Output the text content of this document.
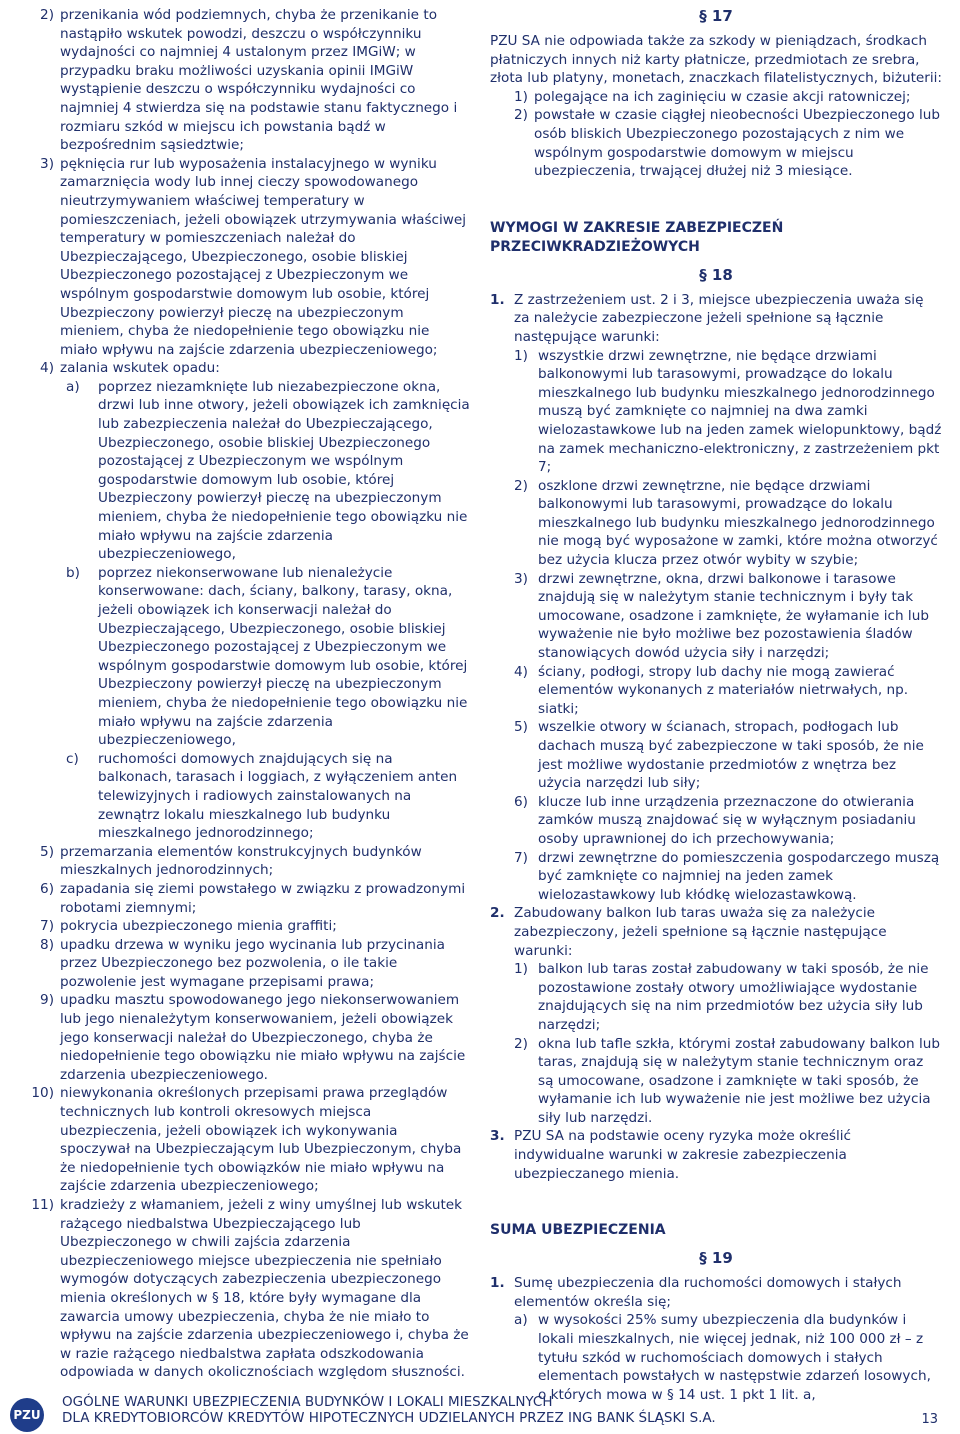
2) przenikania wód podziemnych, chyba że przenikanie to nastąpiło wskutek powodzi, deszczu o współczynniku wydajności co najmniej 4 ustalonym przez IMGiW; w przypadku braku możliwości uzyskania opinii IMGiW wystąpienie deszczu o współczynniku wydajności co najmniej 4 stwierdza się na podstawie stanu faktycznego i rozmiaru szkód w miejscu ich powstania bądź w bezpośrednim sąsiedztwie;
3) pęknięcia rur lub wyposażenia instalacyjnego w wyniku zamarznięcia wody lub innej cieczy spowodowanego nieutrzymywaniem właściwej temperatury w pomieszczeniach, jeżeli obowiązek utrzymywania właściwej temperatury w pomieszczeniach należał do Ubezpieczającego, Ubezpieczonego, osobie bliskiej Ubezpieczonego pozostającej z Ubezpieczonym we wspólnym gospodarstwie domowym lub osobie, której Ubezpieczony powierzył pieczę na ubezpieczonym mieniem, chyba że niedopełnienie tego obowiązku nie miało wpływu na zajście zdarzenia ubezpieczeniowego;
4) zalania wskutek opadu:
a) poprzez niezamknięte lub niezabezpieczone okna, drzwi lub inne otwory, jeżeli obowiązek ich zamknięcia lub zabezpieczenia należał do Ubezpieczającego, Ubezpieczonego, osobie bliskiej Ubezpieczonego pozostającej z Ubezpieczonym we wspólnym gospodarstwie domowym lub osobie, której Ubezpieczony powierzył pieczę na ubezpieczonym mieniem, chyba że niedopełnienie tego obowiązku nie miało wpływu na zajście zdarzenia ubezpieczeniowego,
b) poprzez niekonserwowane lub nienależycie konserwowane: dach, ściany, balkony, tarasy, okna, jeżeli obowiązek ich konserwacji należał do Ubezpieczającego, Ubezpieczonego, osobie bliskiej Ubezpieczonego pozostającej z Ubezpieczonym we wspólnym gospodarstwie domowym lub osobie, której Ubezpieczony powierzył pieczę na ubezpieczonym mieniem, chyba że niedopełnienie tego obowiązku nie miało wpływu na zajście zdarzenia ubezpieczeniowego,
c) ruchomości domowych znajdujących się na balkonach, tarasach i loggiach, z wyłączeniem anten telewizyjnych i radiowych zainstalowanych na zewnątrz lokalu mieszkalnego lub budynku mieszkalnego jednorodzinnego;
5) przemarzania elementów konstrukcyjnych budynków mieszkalnych jednorodzinnych;
6) zapadania się ziemi powstałego w związku z prowadzonymi robotami ziemnymi;
7) pokrycia ubezpieczonego mienia graffiti;
8) upadku drzewa w wyniku jego wycinania lub przycinania przez Ubezpieczonego bez pozwolenia, o ile takie pozwolenie jest wymagane przepisami prawa;
9) upadku masztu spowodowanego jego niekonserwowaniem lub jego nienależytym konserwowaniem, jeżeli obowiązek jego konserwacji należał do Ubezpieczonego, chyba że niedopełnienie tego obowiązku nie miało wpływu na zajście zdarzenia ubezpieczeniowego.
10) niewykonania określonych przepisami prawa przeglądów technicznych lub kontroli okresowych miejsca ubezpieczenia, jeżeli obowiązek ich wykonywania spoczywał na Ubezpieczającym lub Ubezpieczonym, chyba że niedopełnienie tych obowiązków nie miało wpływu na zajście zdarzenia ubezpieczeniowego;
11) kradzieży z włamaniem, jeżeli z winy umyślnej lub wskutek rażącego niedbalstwa Ubezpieczającego lub Ubezpieczonego w chwili zajścia zdarzenia ubezpieczeniowego miejsce ubezpieczenia nie spełniało wymogów dotyczących zabezpieczenia ubezpieczonego mienia określonych w § 18, które były wymagane dla zawarcia umowy ubezpieczenia, chyba że nie miało to wpływu na zajście zdarzenia ubezpieczeniowego i, chyba że w razie rażącego niedbalstwa zapłata odszkodowania odpowiada w danych okolicznościach względom słuszności.
§ 17
PZU SA nie odpowiada także za szkody w pieniądzach, środkach płatniczych innych niż karty płatnicze, przedmiotach ze srebra, złota lub platyny, monetach, znaczkach filatelistycznych, biżuterii:
1) polegające na ich zaginięciu w czasie akcji ratowniczej;
2) powstałe w czasie ciągłej nieobecności Ubezpieczonego lub osób bliskich Ubezpieczonego pozostających z nim we wspólnym gospodarstwie domowym w miejscu ubezpieczenia, trwającej dłużej niż 3 miesiące.
WYMOGI W ZAKRESIE ZABEZPIECZEŃ PRZECIWKRADZIEŻOWYCH
§ 18
1. Z zastrzeżeniem ust. 2 i 3, miejsce ubezpieczenia uważa się za należycie zabezpieczone jeżeli spełnione są łącznie następujące warunki:
1) wszystkie drzwi zewnętrzne, nie będące drzwiami balkonowymi lub tarasowymi, prowadzące do lokalu mieszkalnego lub budynku mieszkalnego jednorodzinnego muszą być zamknięte co najmniej na dwa zamki wielozastawkowe lub na jeden zamek wielopunktowy, bądź na zamek mechaniczno-elektroniczny, z zastrzeżeniem pkt 7;
2) oszklone drzwi zewnętrzne, nie będące drzwiami balkonowymi lub tarasowymi, prowadzące do lokalu mieszkalnego lub budynku mieszkalnego jednorodzinnego nie mogą być wyposażone w zamki, które można otworzyć bez użycia klucza przez otwór wybity w szybie;
3) drzwi zewnętrzne, okna, drzwi balkonowe i tarasowe znajdują się w należytym stanie technicznym i były tak umocowane, osadzone i zamknięte, że wyłamanie ich lub wyważenie nie było możliwe bez pozostawienia śladów stanowiących dowód użycia siły i narzędzi;
4) ściany, podłogi, stropy lub dachy nie mogą zawierać elementów wykonanych z materiałów nietrwałych, np. siatki;
5) wszelkie otwory w ścianach, stropach, podłogach lub dachach muszą być zabezpieczone w taki sposób, że nie jest możliwe wydostanie przedmiotów z wnętrza bez użycia narzędzi lub siły;
6) klucze lub inne urządzenia przeznaczone do otwierania zamków muszą znajdować się w wyłącznym posiadaniu osoby uprawnionej do ich przechowywania;
7) drzwi zewnętrzne do pomieszczenia gospodarczego muszą być zamknięte co najmniej na jeden zamek wielozastawkowy lub kłódkę wielozastawkową.
2. Zabudowany balkon lub taras uważa się za należycie zabezpieczony, jeżeli spełnione są łącznie następujące warunki:
1) balkon lub taras został zabudowany w taki sposób, że nie pozostawione zostały otwory umożliwiające wydostanie znajdujących się na nim przedmiotów bez użycia siły lub narzędzi;
2) okna lub tafle szkła, którymi został zabudowany balkon lub taras, znajdują się w należytym stanie technicznym oraz są umocowane, osadzone i zamknięte w taki sposób, że wyłamanie ich lub wyważenie nie jest możliwe bez użycia siły lub narzędzi.
3. PZU SA na podstawie oceny ryzyka może określić indywidualne warunki w zakresie zabezpieczenia ubezpieczanego mienia.
SUMA UBEZPIECZENIA
§ 19
1. Sumę ubezpieczenia dla ruchomości domowych i stałych elementów określa się;
a) w wysokości 25% sumy ubezpieczenia dla budynków i lokali mieszkalnych, nie więcej jednak, niż 100 000 zł – z tytułu szkód w ruchomościach domowych i stałych elementach powstałych w następstwie zdarzeń losowych, o których mowa w § 14 ust. 1 pkt 1 lit. a,
PZU
OGÓLNE WARUNKI UBEZPIECZENIA BUDYNKÓW I LOKALI MIESZKALNYCH
DLA KREDYTOBIORCÓW KREDYTÓW HIPOTECZNYCH UDZIELANYCH PRZEZ ING BANK ŚLĄSKI S.A.	13
